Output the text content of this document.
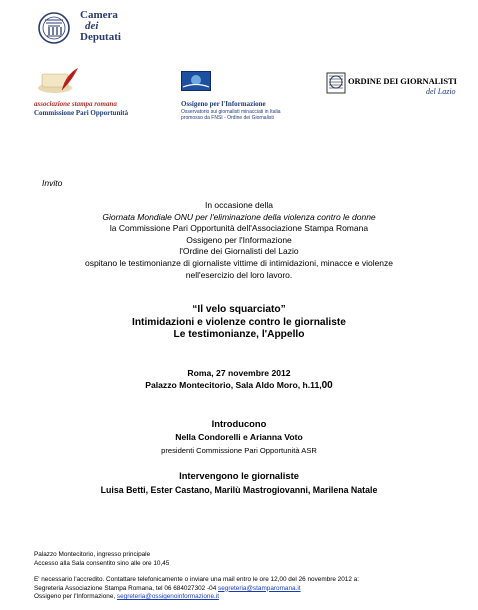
Camera
dei
Deputati
associazione stampa romana
Commissione Pari Opportunità
Ossigeno per l'Informazione
Osservatorio sui giornalisti minacciati in Italia
promosso da FNSI - Ordine dei Giornalisti
ORDINE DEI GIORNALISTI
del Lazio
Invito
In occasione della
Giornata Mondiale ONU per l'eliminazione della violenza contro le donne
la Commissione Pari Opportunità dell'Associazione Stampa Romana
Ossigeno per l'Informazione
l'Ordine dei Giornalisti del Lazio
ospitano le testimonianze di giornaliste vittime di intimidazioni, minacce e violenze
nell'esercizio del loro lavoro.
“Il velo squarciato”
Intimidazioni e violenze contro le giornaliste
Le testimonianze, l'Appello
Roma, 27 novembre 2012
Palazzo Montecitorio, Sala Aldo Moro, h.11,00
Introducono
Nella Condorelli e Arianna Voto
presidenti Commissione Pari Opportunità ASR
Intervengono le giornaliste
Luisa Betti, Ester Castano, Marilù Mastrogiovanni, Marilena Natale
Palazzo Montecitorio, ingresso principale
Accesso alla Sala consentito sino alle ore 10,45
E' necessario l'accredito. Contattare telefonicamente o inviare una mail entro le ore 12,00 del 26 novembre 2012 a:
Segreteria Associazione Stampa Romana, tel 06 684027302 -04 segreteria@stamparomana.it
Ossigeno per l'Informazione, segreteria@ossigenoinformazione.it
